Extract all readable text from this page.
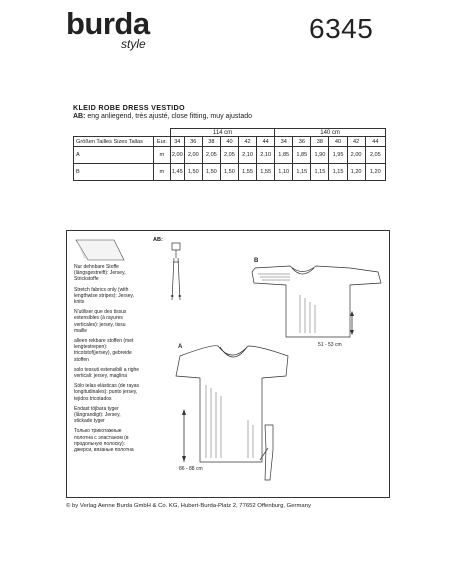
burda
style	6345
KLEID ROBE DRESS VESTIDO
AB: eng anliegend, très ajusté, close fitting, muy ajustado
		114 cm						140 cm					
Größen Tailles Sizes Tallas	Eur.	34	36	38	40	42	44	34	36	38	40	42	44
A	m	2,00	2,00	2,05	2,05	2,10	2,10	1,85	1,85	1,90	1,95	2,00	2,05
B	m	1,45	1,50	1,50	1,50	1,55	1,55	1,10	1,15	1,15	1,15	1,20	1,20

Nur dehnbare Stoffe (längsgestreift): Jersey, Strickstoffe

Stretch fabrics only (with lengthwise stripes): Jersey, knits

N'utiliser que des tissus extensibles (à rayures verticales): jersey, tissu maille

alleen rekbare stoffen (met lengtestrepen): tricotstof(jersey), gebreide stoffen

solo tessuti estensibili a righe verticali: jersey, maglina

Sólo telas elásticas (de rayas longitudinales): punto jersey, tejidos tricotados

Endast töjbara tyger (långrandigt): Jersey, stickade tyger

Только трикотажные полотна с эластаном (в продольную полоску): джерси, вязаные полотна

AB:
B
A	51 - 53 cm
86 - 88 cm
© by Verlag Aenne Burda GmbH & Co. KG, Hubert-Burda-Platz 2, 77652 Offenburg, Germany
